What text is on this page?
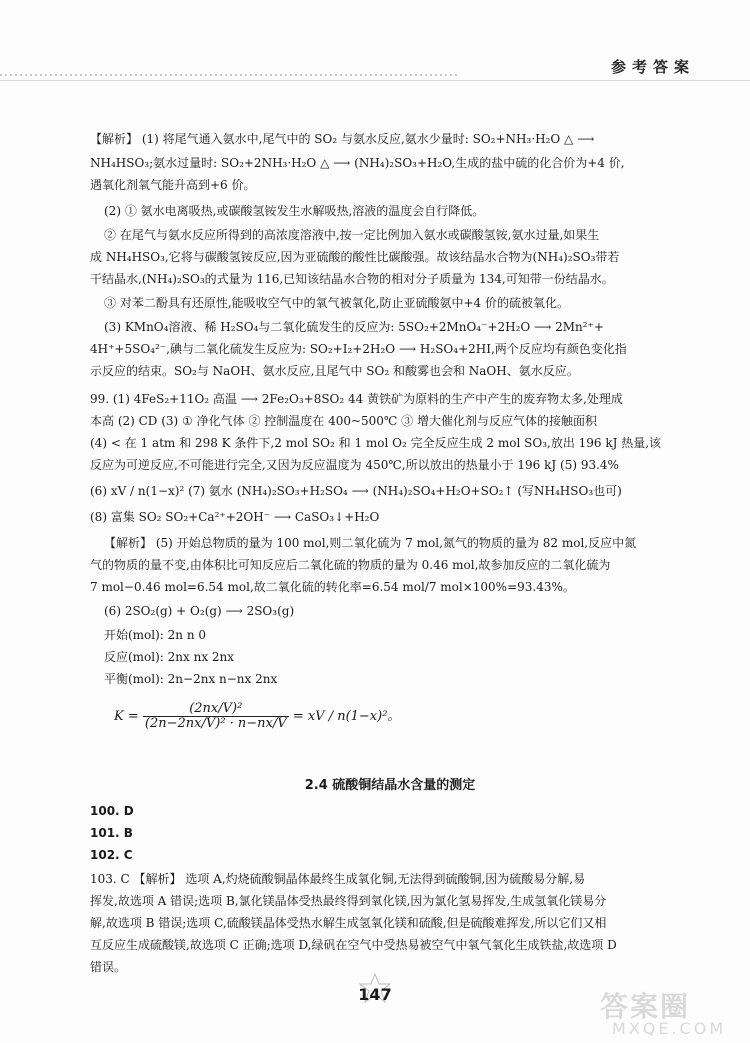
参考答案
【解析】 (1) 将尾气通入氨水中,尾气中的 SO₂ 与氨水反应,氨水少量时: SO₂+NH₃·H₂O △ ⟶
NH₄HSO₃;氨水过量时: SO₂+2NH₃·H₂O △ ⟶ (NH₄)₂SO₃+H₂O,生成的盐中硫的化合价为+4 价,
遇氧化剂氧气能升高到+6 价。
(2) ① 氨水电离吸热,或碳酸氢铵发生水解吸热,溶液的温度会自行降低。
② 在尾气与氨水反应所得到的高浓度溶液中,按一定比例加入氨水或碳酸氢铵,氨水过量,如果生
成 NH₄HSO₃,它将与碳酸氢铵反应,因为亚硫酸的酸性比碳酸强。故该结晶水合物为(NH₄)₂SO₃带若
干结晶水,(NH₄)₂SO₃的式量为 116,已知该结晶水合物的相对分子质量为 134,可知带一份结晶水。
③ 对苯二酚具有还原性,能吸收空气中的氧气被氧化,防止亚硫酸氨中+4 价的硫被氧化。
(3) KMnO₄溶液、稀 H₂SO₄与二氧化硫发生的反应为: 5SO₂+2MnO₄⁻+2H₂O ⟶ 2Mn²⁺+
4H⁺+5SO₄²⁻,碘与二氧化硫发生反应为: SO₂+I₂+2H₂O ⟶ H₂SO₄+2HI,两个反应均有颜色变化指
示反应的结束。SO₂与 NaOH、氨水反应,且尾气中 SO₂ 和酸雾也会和 NaOH、氨水反应。
99. (1) 4FeS₂+11O₂ 高温 ⟶ 2Fe₂O₃+8SO₂ 44 黄铁矿为原料的生产中产生的废弃物太多,处理成
本高 (2) CD (3) ① 净化气体 ② 控制温度在 400~500℃ ③ 增大催化剂与反应气体的接触面积
(4) < 在 1 atm 和 298 K 条件下,2 mol SO₂ 和 1 mol O₂ 完全反应生成 2 mol SO₃,放出 196 kJ 热量,该
反应为可逆反应,不可能进行完全,又因为反应温度为 450℃,所以放出的热量小于 196 kJ (5) 93.4%
(6) xV / n(1−x)² (7) 氨水 (NH₄)₂SO₃+H₂SO₄ ⟶ (NH₄)₂SO₄+H₂O+SO₂↑ (写NH₄HSO₃也可)
(8) 富集 SO₂ SO₂+Ca²⁺+2OH⁻ ⟶ CaSO₃↓+H₂O
【解析】 (5) 开始总物质的量为 100 mol,则二氧化硫为 7 mol,氮气的物质的量为 82 mol,反应中氮
气的物质的量不变,由体积比可知反应后二氧化硫的物质的量为 0.46 mol,故参加反应的二氧化硫为
7 mol−0.46 mol=6.54 mol,故二氧化硫的转化率=6.54 mol/7 mol×100%=93.43%。
(6) 2SO₂(g) + O₂(g) ⟶ 2SO₃(g)
开始(mol): 2n n 0
反应(mol): 2nx nx 2nx
平衡(mol): 2n−2nx n−nx 2nx
$K = \frac{\text{(2nx/V)²}}{\text{(2n−2nx/V)² · n−nx/V}}$ = xV / n(1−x)²。
2.4 硫酸铜结晶水含量的测定
100. D
101. B
102. C
103. C 【解析】 选项 A,灼烧硫酸铜晶体最终生成氧化铜,无法得到硫酸铜,因为硫酸易分解,易
挥发,故选项 A 错误;选项 B,氯化镁晶体受热最终得到氧化镁,因为氯化氢易挥发,生成氢氧化镁易分
解,故选项 B 错误;选项 C,硫酸镁晶体受热水解生成氢氧化镁和硫酸,但是硫酸难挥发,所以它们又相
互反应生成硫酸镁,故选项 C 正确;选项 D,绿矾在空气中受热易被空气中氧气氧化生成铁盐,故选项 D
错误。
147	答案圈
MXQE.COM
